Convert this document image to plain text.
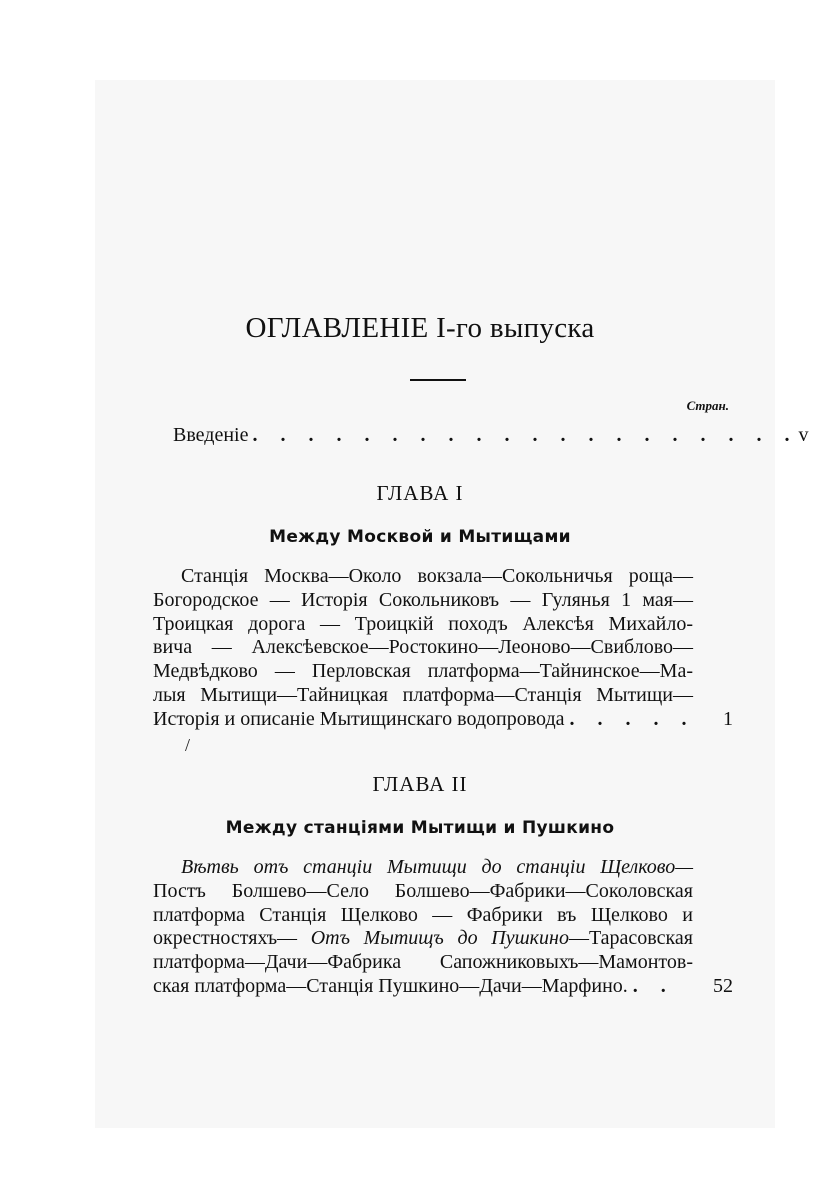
ОГЛАВЛЕНІЕ I-го выпуска
Стран.
Введеніе . . . . . . . . . . . . . . . . . . . . v
ГЛАВА I
Между Москвой и Мытищами
Станція Москва—Около вокзала—Сокольничья роща—
Богородское — Исторія Сокольниковъ — Гулянья 1 мая—
Троицкая дорога — Троицкій походъ Алексѣя Михайло-
вича — Алексѣевское—Ростокино—Леоново—Свиблово—
Медвѣдково — Перловская платформа—Тайнинское—Ма-
лыя Мытищи—Тайницкая платформа—Станція Мытищи—
Исторія и описаніе Мытищинскаго водопровода . . . . .	1
/
ГЛАВА II
Между станціями Мытищи и Пушкино
Вѣтвь отъ станціи Мытищи до станціи Щелково—
Постъ Болшево—Село Болшево—Фабрики—Соколовская
платформа Станція Щелково — Фабрики въ Щелково и
окрестностяхъ— Отъ Мытищъ до Пушкино—Тарасовская
платформа—Дачи—Фабрика Сапожниковыхъ—Мамонтов-
ская платформа—Станція Пушкино—Дачи—Марфино. . .	52
